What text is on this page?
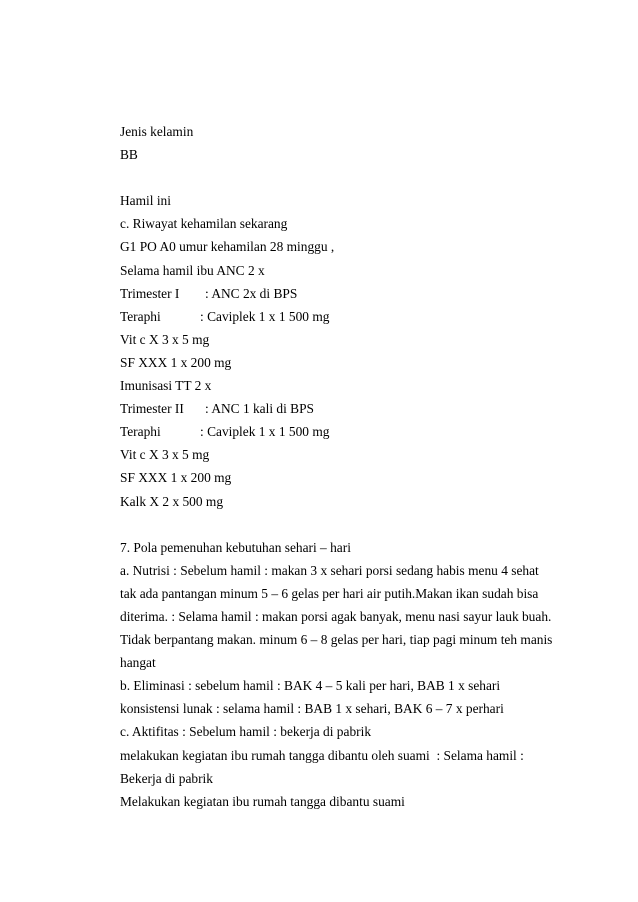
Jenis kelamin
BB
Hamil ini
c. Riwayat kehamilan sekarang
G1 PO A0 umur kehamilan 28 minggu ,
Selama hamil ibu ANC 2 x
Trimester I : ANC 2x di BPS
Teraphi	: Caviplek 1 x 1 500 mg
Vit c X 3 x 5 mg
SF XXX 1 x 200 mg
Imunisasi TT 2 x
Trimester II : ANC 1 kali di BPS
Teraphi	: Caviplek 1 x 1 500 mg
Vit c X 3 x 5 mg
SF XXX 1 x 200 mg
Kalk X 2 x 500 mg
7. Pola pemenuhan kebutuhan sehari – hari
a. Nutrisi : Sebelum hamil : makan 3 x sehari porsi sedang habis menu 4 sehat
tak ada pantangan minum 5 – 6 gelas per hari air putih.Makan ikan sudah bisa
diterima. : Selama hamil : makan porsi agak banyak, menu nasi sayur lauk buah.
Tidak berpantang makan. minum 6 – 8 gelas per hari, tiap pagi minum teh manis
hangat
b. Eliminasi : sebelum hamil : BAK 4 – 5 kali per hari, BAB 1 x sehari
konsistensi lunak : selama hamil : BAB 1 x sehari, BAK 6 – 7 x perhari
c. Aktifitas : Sebelum hamil : bekerja di pabrik
melakukan kegiatan ibu rumah tangga dibantu oleh suami  : Selama hamil :
Bekerja di pabrik
Melakukan kegiatan ibu rumah tangga dibantu suami
